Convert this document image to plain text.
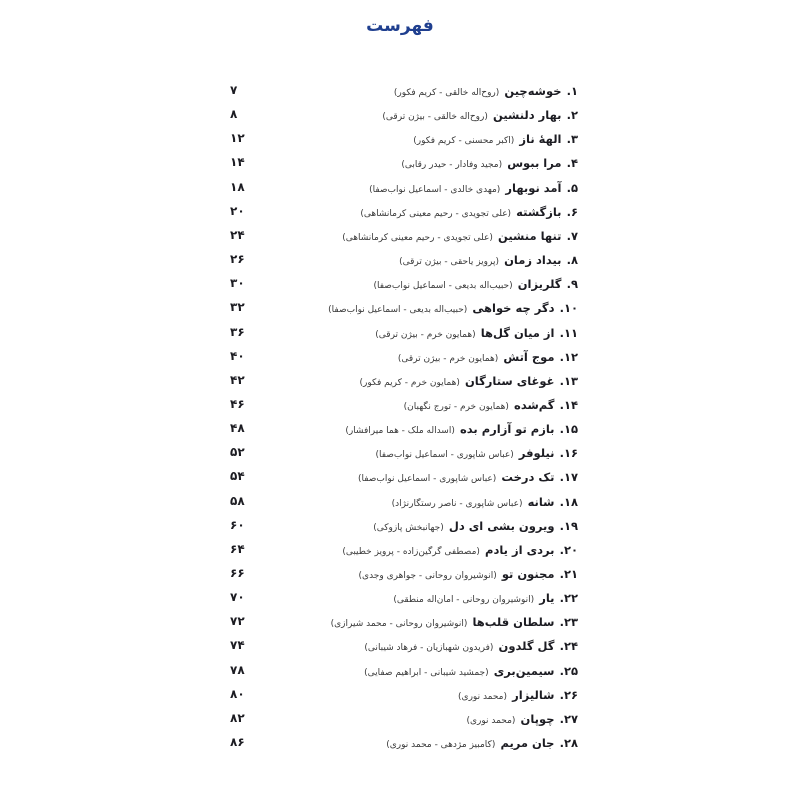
فهرست
۱. خوشه‌چین (روح‌اله خالقی - کریم فکور)
۷
۲. بهار دلنشین (روح‌اله خالقی - بیژن ترقی)
۸
۳. الههٔ ناز (اکبر محسنی - کریم فکور)
۱۲
۴. مرا ببوس (مجید وفادار - حیدر رقابی)
۱۴
۵. آمد نوبهار (مهدی خالدی - اسماعیل نواب‌صفا)
۱۸
۶. بازگشته (علی تجویدی - رحیم معینی کرمانشاهی)
۲۰
۷. تنها منشین (علی تجویدی - رحیم معینی کرمانشاهی)
۲۴
۸. بیداد زمان (پرویز یاحقی - بیژن ترقی)
۲۶
۹. گلریزان (حبیب‌اله بدیعی - اسماعیل نواب‌صفا)
۳۰
۱۰. دگر چه خواهی (حبیب‌اله بدیعی - اسماعیل نواب‌صفا)
۳۲
۱۱. از میان گل‌ها (همایون خرم - بیژن ترقی)
۳۶
۱۲. موج آتش (همایون خرم - بیژن ترقی)
۴۰
۱۳. غوغای ستارگان (همایون خرم - کریم فکور)
۴۲
۱۴. گم‌شده (همایون خرم - تورج نگهبان)
۴۶
۱۵. بازم تو آزارم بده (اسداله ملک - هما میرافشار)
۴۸
۱۶. نیلوفر (عباس شاپوری - اسماعیل نواب‌صفا)
۵۲
۱۷. تک درخت (عباس شاپوری - اسماعیل نواب‌صفا)
۵۴
۱۸. شانه (عباس شاپوری - ناصر رستگارنژاد)
۵۸
۱۹. ویرون بشی ای دل (جهانبخش پازوکی)
۶۰
۲۰. بردی از یادم (مصطفی گرگین‌زاده - پرویز خطیبی)
۶۴
۲۱. مجنون تو (انوشیروان روحانی - جواهری وجدی)
۶۶
۲۲. یار (انوشیروان روحانی - امان‌اله منطقی)
۷۰
۲۳. سلطان قلب‌ها (انوشیروان روحانی - محمد شیرازی)
۷۲
۲۴. گل گلدون (فریدون شهبازیان - فرهاد شیبانی)
۷۴
۲۵. سیمین‌بری (جمشید شیبانی - ابراهیم صفایی)
۷۸
۲۶. شالیزار (محمد نوری)
۸۰
۲۷. چوپان (محمد نوری)
۸۲
۲۸. جان مریم (کامبیز مژدهی - محمد نوری)
۸۶
